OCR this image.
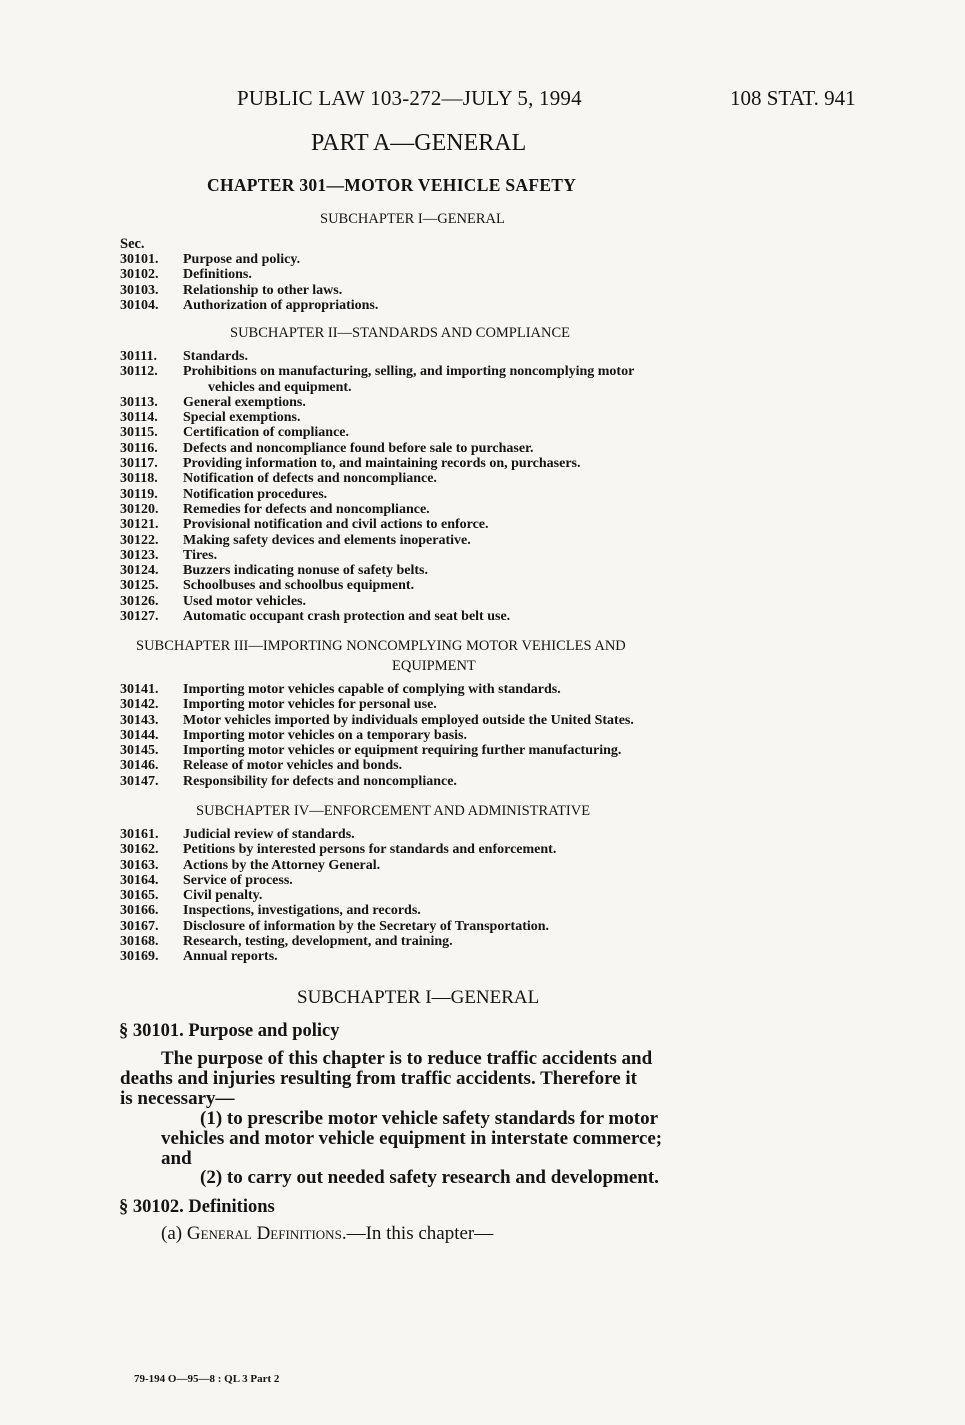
PUBLIC LAW 103-272—JULY 5, 1994	108 STAT. 941
PART A—GENERAL
CHAPTER 301—MOTOR VEHICLE SAFETY
SUBCHAPTER I—GENERAL
Sec.
30101. Purpose and policy.
30102. Definitions.
30103. Relationship to other laws.
30104. Authorization of appropriations.
SUBCHAPTER II—STANDARDS AND COMPLIANCE
30111. Standards.
30112. Prohibitions on manufacturing, selling, and importing noncomplying motor
vehicles and equipment.
30113. General exemptions.
30114. Special exemptions.
30115. Certification of compliance.
30116. Defects and noncompliance found before sale to purchaser.
30117. Providing information to, and maintaining records on, purchasers.
30118. Notification of defects and noncompliance.
30119. Notification procedures.
30120. Remedies for defects and noncompliance.
30121. Provisional notification and civil actions to enforce.
30122. Making safety devices and elements inoperative.
30123. Tires.
30124. Buzzers indicating nonuse of safety belts.
30125. Schoolbuses and schoolbus equipment.
30126. Used motor vehicles.
30127. Automatic occupant crash protection and seat belt use.
SUBCHAPTER III—IMPORTING NONCOMPLYING MOTOR VEHICLES AND
EQUIPMENT
30141. Importing motor vehicles capable of complying with standards.
30142. Importing motor vehicles for personal use.
30143. Motor vehicles imported by individuals employed outside the United States.
30144. Importing motor vehicles on a temporary basis.
30145. Importing motor vehicles or equipment requiring further manufacturing.
30146. Release of motor vehicles and bonds.
30147. Responsibility for defects and noncompliance.
SUBCHAPTER IV—ENFORCEMENT AND ADMINISTRATIVE
30161. Judicial review of standards.
30162. Petitions by interested persons for standards and enforcement.
30163. Actions by the Attorney General.
30164. Service of process.
30165. Civil penalty.
30166. Inspections, investigations, and records.
30167. Disclosure of information by the Secretary of Transportation.
30168. Research, testing, development, and training.
30169. Annual reports.
SUBCHAPTER I—GENERAL
§ 30101. Purpose and policy
The purpose of this chapter is to reduce traffic accidents and
deaths and injuries resulting from traffic accidents. Therefore it
is necessary—
(1) to prescribe motor vehicle safety standards for motor
vehicles and motor vehicle equipment in interstate commerce;
and
(2) to carry out needed safety research and development.
§ 30102. Definitions
(a) General Definitions.—In this chapter—
79-194 O—95—8 : QL 3 Part 2
